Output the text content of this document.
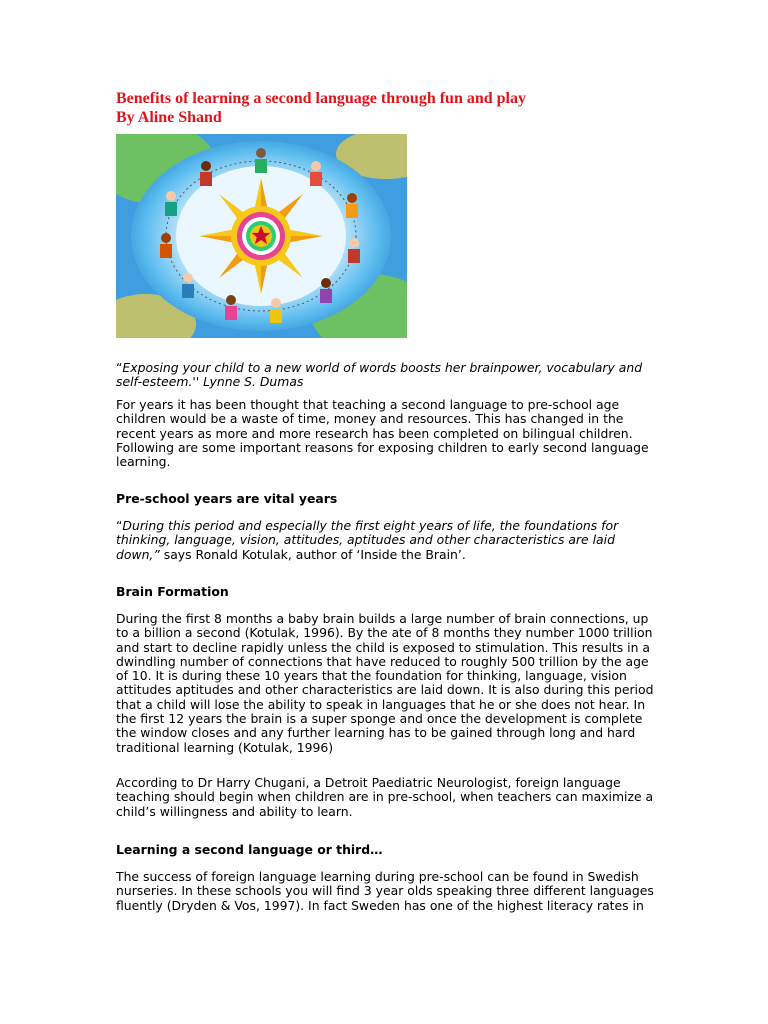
Benefits of learning a second language through fun and play
By Aline Shand
“Exposing your child to a new world of words boosts her brainpower, vocabulary and self-esteem.'' Lynne S. Dumas
For years it has been thought that teaching a second language to pre-school age children would be a waste of time, money and resources. This has changed in the recent years as more and more research has been completed on bilingual children. Following are some important reasons for exposing children to early second language learning.
Pre-school years are vital years
“During this period and especially the first eight years of life, the foundations for thinking, language, vision, attitudes, aptitudes and other characteristics are laid down,” says Ronald Kotulak, author of ‘Inside the Brain’.
Brain Formation
During the first 8 months a baby brain builds a large number of brain connections, up to a billion a second (Kotulak, 1996). By the ate of 8 months they number 1000 trillion and start to decline rapidly unless the child is exposed to stimulation. This results in a dwindling number of connections that have reduced to roughly 500 trillion by the age of 10. It is during these 10 years that the foundation for thinking, language, vision attitudes aptitudes and other characteristics are laid down. It is also during this period that a child will lose the ability to speak in languages that he or she does not hear. In the first 12 years the brain is a super sponge and once the development is complete the window closes and any further learning has to be gained through long and hard traditional learning (Kotulak, 1996)
According to Dr Harry Chugani, a Detroit Paediatric Neurologist, foreign language teaching should begin when children are in pre-school, when teachers can maximize a child’s willingness and ability to learn.
Learning a second language or third…
The success of foreign language learning during pre-school can be found in Swedish nurseries. In these schools you will find 3 year olds speaking three different languages fluently (Dryden & Vos, 1997). In fact Sweden has one of the highest literacy rates in
